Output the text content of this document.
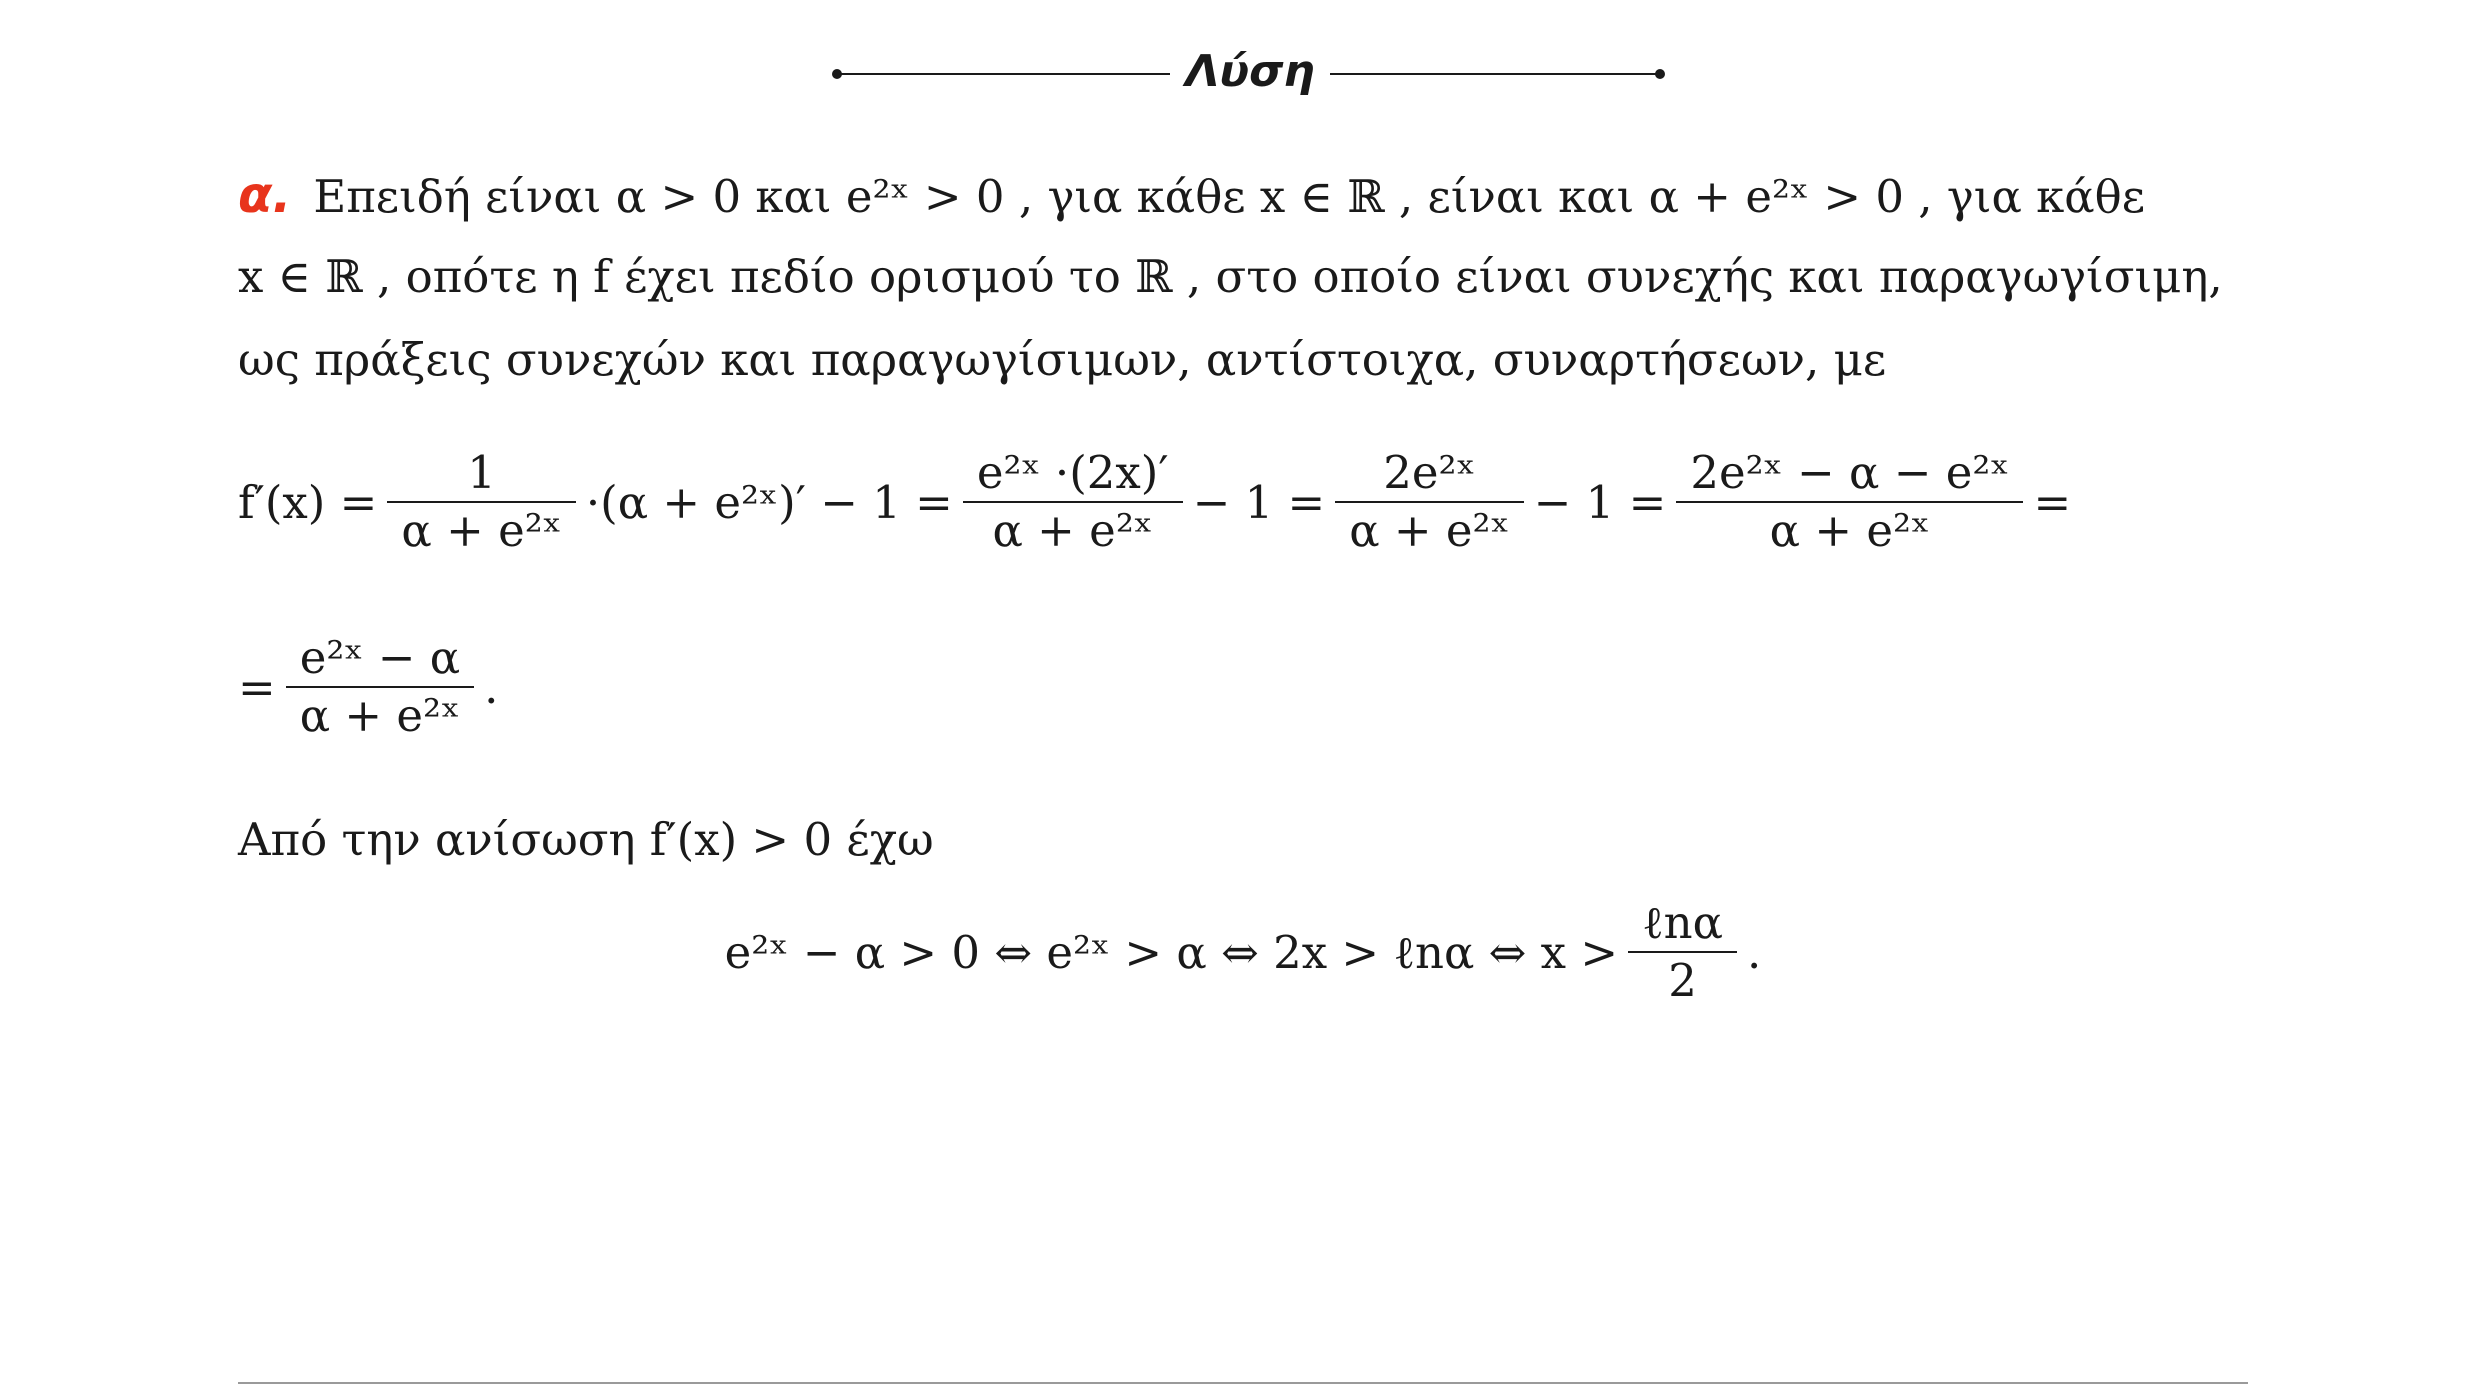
Λύση
α. Επειδή είναι α > 0 και e²ˣ > 0 , για κάθε x ∈ ℝ , είναι και α + e²ˣ > 0 , για κάθε
x ∈ ℝ , οπότε η f έχει πεδίο ορισμού το ℝ , στο οποίο είναι συνεχής και παραγωγίσιμη,
ως πράξεις συνεχών και παραγωγίσιμων, αντίστοιχα, συναρτήσεων, με
$f'(x) = \frac{1}{\text{α + e²ˣ}} \cdot(\alpha$ + e²ˣ)′ − $1 = \frac{\text{e²ˣ ·(2x)′}}{\text{α + e²ˣ}} - 1 = \frac{\text{2e²ˣ}}{\text{α + e²ˣ}} - 1 = \frac{\text{2e²ˣ − α − e²ˣ}}{\text{α + e²ˣ}}$ =
= $\frac{\text{e²ˣ − α}}{\text{α + e²ˣ}}$ .
Από την ανίσωση f′(x) > 0 έχω
e²ˣ − α > 0 ⇔ e²ˣ > α ⇔ 2x > ℓnα ⇔ $x > \frac{\text{ℓnα}}{2}$ .
